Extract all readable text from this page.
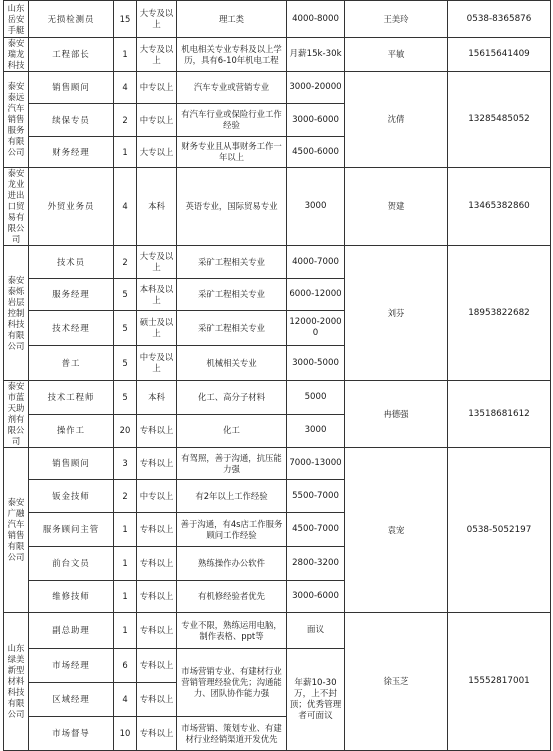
山东岳安手艇	无损检测员	15	大专及以上	理工类	4000-8000	王美玲	0538-8365876
泰安瑞龙科技	工程部长	1	大专及以上	机电相关专业专科及以上学历，具有6-10年机电工程	月薪15k-30k	平敏	15615641409
泰安泰远汽车销售服务有限公司	销售顾问	4	中专以上	汽车专业或营销专业	3000-20000	沈倩	13285485052
	续保专员	2	中专以上	有汽车行业或保险行业工作经验	3000-6000		
	财务经理	1	大专以上	财务专业且从事财务工作一年以上	4500-6000		
泰安龙业进出口贸易有限公司	外贸业务员	4	本科	英语专业，国际贸易专业	3000	贺建	13465382860
泰安泰烁岩层控制科技有限公司	技术员	2	大专及以上	采矿工程相关专业	4000-7000	刘芬	18953822682
	服务经理	5	本科及以上	采矿工程相关专业	6000-12000		
	技术经理	5	硕士及以上	采矿工程相关专业	12000-20000		
	普工	5	中专及以上	机械相关专业	3000-5000		
泰安市蓝天助剂有限公司	技术工程师	5	本科	化工、高分子材料	5000	冉德强	13518681612
	操作工	20	专科以上	化工	3000		
泰安广融汽车销售有限公司	销售顾问	3	专科以上	有驾照，善于沟通，抗压能力强	7000-13000	袁宠	0538-5052197
	钣金技师	2	中专以上	有2年以上工作经验	5500-7000		
	服务顾问主管	1	专科以上	善于沟通，有4s店工作服务顾问工作经验	4500-7000		
	前台文员	1	专科以上	熟练操作办公软件	2800-3200		
	维修技师	1	专科以上	有机修经验者优先	3000-6000		
山东绿美新型材料科技有限公司	副总助理	1	专科以上	专业不限，熟练运用电脑，制作表格、ppt等	面议	徐玉芝	15552817001
	市场经理	6	专科以上	市场营销专业、有建材行业营销管理经验优先；沟通能力、团队协作能力强	年薪10-30万，上不封顶；优秀管理者可面议		
	区域经理	4	专科以上				
	市场督导	10	专科以上	市场营销、策划专业、有建材行业经销渠道开发优先			
